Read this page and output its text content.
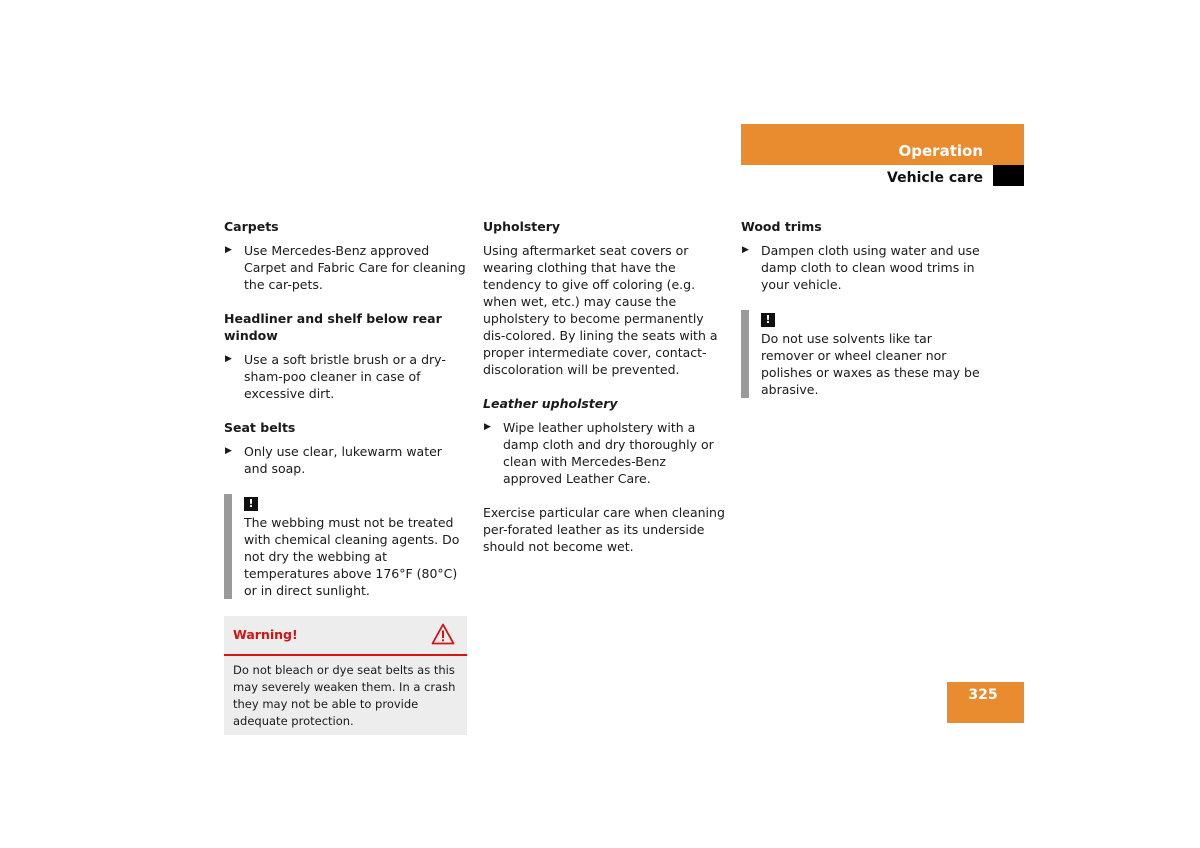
Operation
Vehicle care
Carpets
▶ Use Mercedes-Benz approved Carpet and Fabric Care for cleaning the car-pets.
Headliner and shelf below rear window
▶ Use a soft bristle brush or a dry-sham-poo cleaner in case of excessive dirt.
Seat belts
▶ Only use clear, lukewarm water and soap.
!
The webbing must not be treated with chemical cleaning agents. Do not dry the webbing at temperatures above 176°F (80°C) or in direct sunlight.
Warning!
Do not bleach or dye seat belts as this may severely weaken them. In a crash they may not be able to provide adequate protection.
Upholstery
Using aftermarket seat covers or wearing clothing that have the tendency to give off coloring (e.g. when wet, etc.) may cause the upholstery to become permanently dis-colored. By lining the seats with a proper intermediate cover, contact-discoloration will be prevented.
Leather upholstery
▶ Wipe leather upholstery with a damp cloth and dry thoroughly or clean with Mercedes-Benz approved Leather Care.
Exercise particular care when cleaning per-forated leather as its underside should not become wet.
Wood trims
▶ Dampen cloth using water and use damp cloth to clean wood trims in your vehicle.
!
Do not use solvents like tar remover or wheel cleaner nor polishes or waxes as these may be abrasive.
325
